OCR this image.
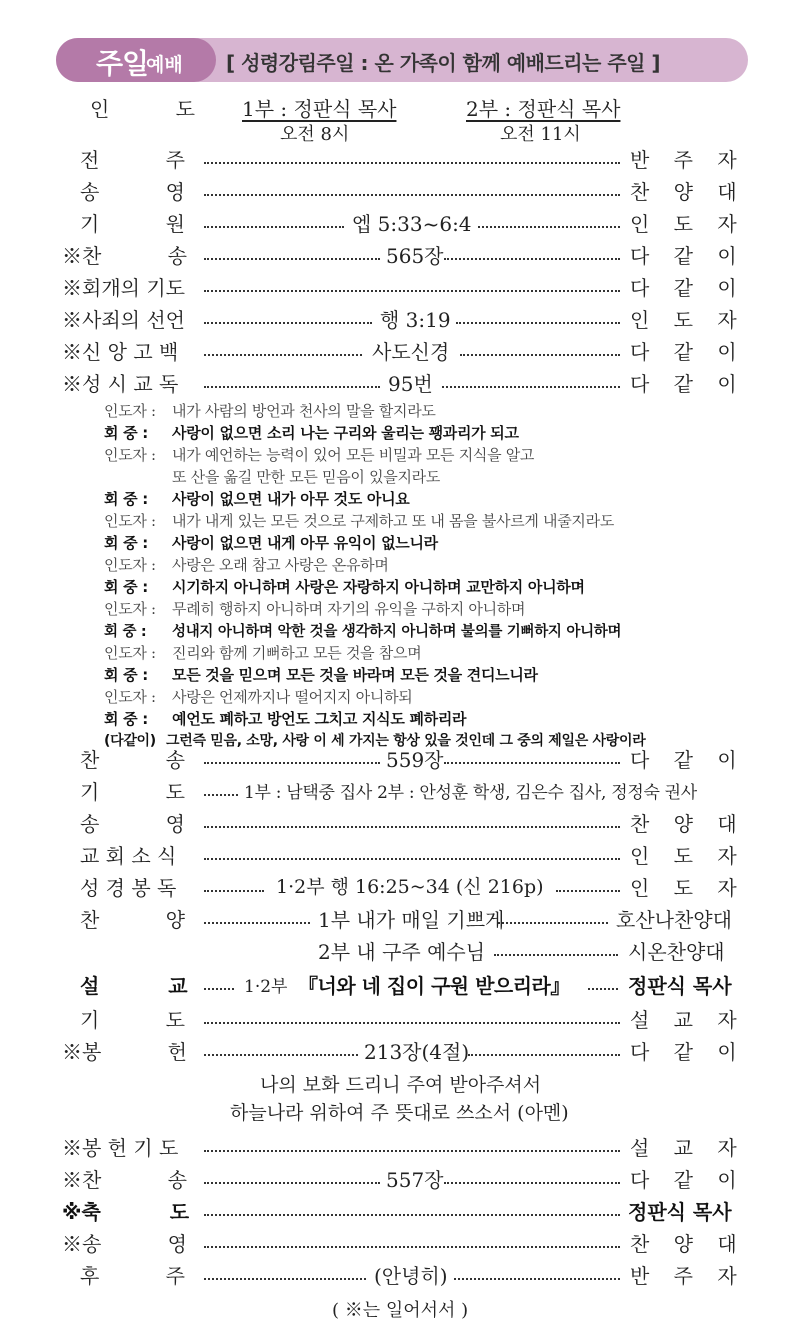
주일
예배 [ 성령강림주일 : 온 가족이 함께 예배드리는 주일 ]
인 도 1부 : 정판식 목사
오전 8시
2부 : 정판식 목사
오전 11시
전 주	반 주 자
송 영	찬 양 대
기 원	엡 5:33~6:4	인 도 자
※찬 송	565장	다 같 이
※회개의 기도	다 같 이
※사죄의 선언	행 3:19	인 도 자
※신 앙 고 백	사도신경	다 같 이
※성 시 교 독	95번	다 같 이
인도자 : 내가 사람의 방언과 천사의 말을 할지라도
회 중 : 사랑이 없으면 소리 나는 구리와 울리는 꽹과리가 되고
인도자 : 내가 예언하는 능력이 있어 모든 비밀과 모든 지식을 알고
또 산을 옮길 만한 모든 믿음이 있을지라도
회 중 : 사랑이 없으면 내가 아무 것도 아니요
인도자 : 내가 내게 있는 모든 것으로 구제하고 또 내 몸을 불사르게 내줄지라도
회 중 : 사랑이 없으면 내게 아무 유익이 없느니라
인도자 : 사랑은 오래 참고 사랑은 온유하며
회 중 : 시기하지 아니하며 사랑은 자랑하지 아니하며 교만하지 아니하며
인도자 : 무례히 행하지 아니하며 자기의 유익을 구하지 아니하며
회 중 : 성내지 아니하며 악한 것을 생각하지 아니하며 불의를 기뻐하지 아니하며
인도자 : 진리와 함께 기뻐하고 모든 것을 참으며
회 중 : 모든 것을 믿으며 모든 것을 바라며 모든 것을 견디느니라
인도자 : 사랑은 언제까지나 떨어지지 아니하되
회 중 : 예언도 폐하고 방언도 그치고 지식도 폐하리라
(다같이) 그런즉 믿음, 소망, 사랑 이 세 가지는 항상 있을 것인데 그 중의 제일은 사랑이라
찬 송	559장	다 같 이
기 도	1부 : 남택중 집사 2부 : 안성훈 학생, 김은수 집사, 정정숙 권사
송 영	찬 양 대
교 회 소 식	인 도 자
성 경 봉 독	1·2부 행 16:25~34 (신 216p)	인 도 자
찬 양	1부 내가 매일 기쁘게	호산나찬양대
2부 내 구주 예수님	시온찬양대
설 교	1·2부 『너와 네 집이 구원 받으리라』	정판식 목사
기 도	설 교 자
※봉 헌	213장(4절)	다 같 이
나의 보화 드리니 주여 받아주셔서
하늘나라 위하여 주 뜻대로 쓰소서 (아멘)
※봉 헌 기 도	설 교 자
※찬 송	557장	다 같 이
※축 도	정판식 목사
※송 영	찬 양 대
후 주	(안녕히)	반 주 자
( ※는 일어서서 )
